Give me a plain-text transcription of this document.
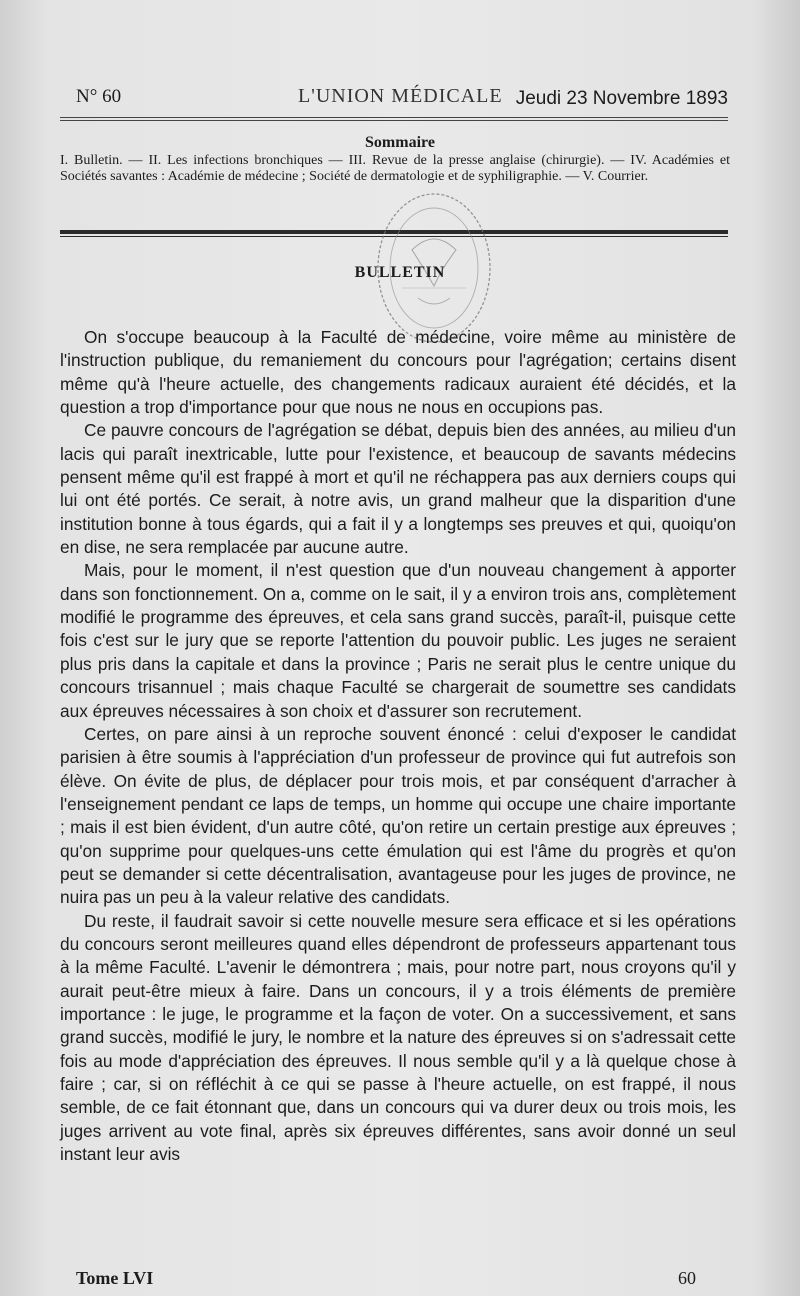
N° 60	L'UNION MÉDICALE Jeudi 23 Novembre 1893
Sommaire
I. Bulletin. — II. Les infections bronchiques — III. Revue de la presse anglaise (chirurgie). — IV. Académies et Sociétés savantes : Académie de médecine ; Société de dermatologie et de syphiligraphie. — V. Courrier.
BULLETIN

On s'occupe beaucoup à la Faculté de médecine, voire même au ministère de l'instruction publique, du remaniement du concours pour l'agrégation; certains disent même qu'à l'heure actuelle, des changements radicaux auraient été décidés, et la question a trop d'importance pour que nous ne nous en occupions pas.

Ce pauvre concours de l'agrégation se débat, depuis bien des années, au milieu d'un lacis qui paraît inextricable, lutte pour l'existence, et beaucoup de savants médecins pensent même qu'il est frappé à mort et qu'il ne réchappera pas aux derniers coups qui lui ont été portés. Ce serait, à notre avis, un grand malheur que la disparition d'une institution bonne à tous égards, qui a fait il y a longtemps ses preuves et qui, quoiqu'on en dise, ne sera remplacée par aucune autre.

Mais, pour le moment, il n'est question que d'un nouveau changement à apporter dans son fonctionnement. On a, comme on le sait, il y a environ trois ans, complètement modifié le programme des épreuves, et cela sans grand succès, paraît-il, puisque cette fois c'est sur le jury que se reporte l'attention du pouvoir public. Les juges ne seraient plus pris dans la capitale et dans la province ; Paris ne serait plus le centre unique du concours trisannuel ; mais chaque Faculté se chargerait de soumettre ses candidats aux épreuves nécessaires à son choix et d'assurer son recrutement.

Certes, on pare ainsi à un reproche souvent énoncé : celui d'exposer le candidat parisien à être soumis à l'appréciation d'un professeur de province qui fut autrefois son élève. On évite de plus, de déplacer pour trois mois, et par conséquent d'arracher à l'enseignement pendant ce laps de temps, un homme qui occupe une chaire importante ; mais il est bien évident, d'un autre côté, qu'on retire un certain prestige aux épreuves ; qu'on supprime pour quelques-uns cette émulation qui est l'âme du progrès et qu'on peut se demander si cette décentralisation, avantageuse pour les juges de province, ne nuira pas un peu à la valeur relative des candidats.

Du reste, il faudrait savoir si cette nouvelle mesure sera efficace et si les opérations du concours seront meilleures quand elles dépendront de professeurs appartenant tous à la même Faculté. L'avenir le démontrera ; mais, pour notre part, nous croyons qu'il y aurait peut-être mieux à faire. Dans un concours, il y a trois éléments de première importance : le juge, le programme et la façon de voter. On a successivement, et sans grand succès, modifié le jury, le nombre et la nature des épreuves si on s'adressait cette fois au mode d'appréciation des épreuves. Il nous semble qu'il y a là quelque chose à faire ; car, si on réfléchit à ce qui se passe à l'heure actuelle, on est frappé, il nous semble, de ce fait étonnant que, dans un concours qui va durer deux ou trois mois, les juges arrivent au vote final, après six épreuves différentes, sans avoir donné un seul instant leur avis

Tome LVI	60
